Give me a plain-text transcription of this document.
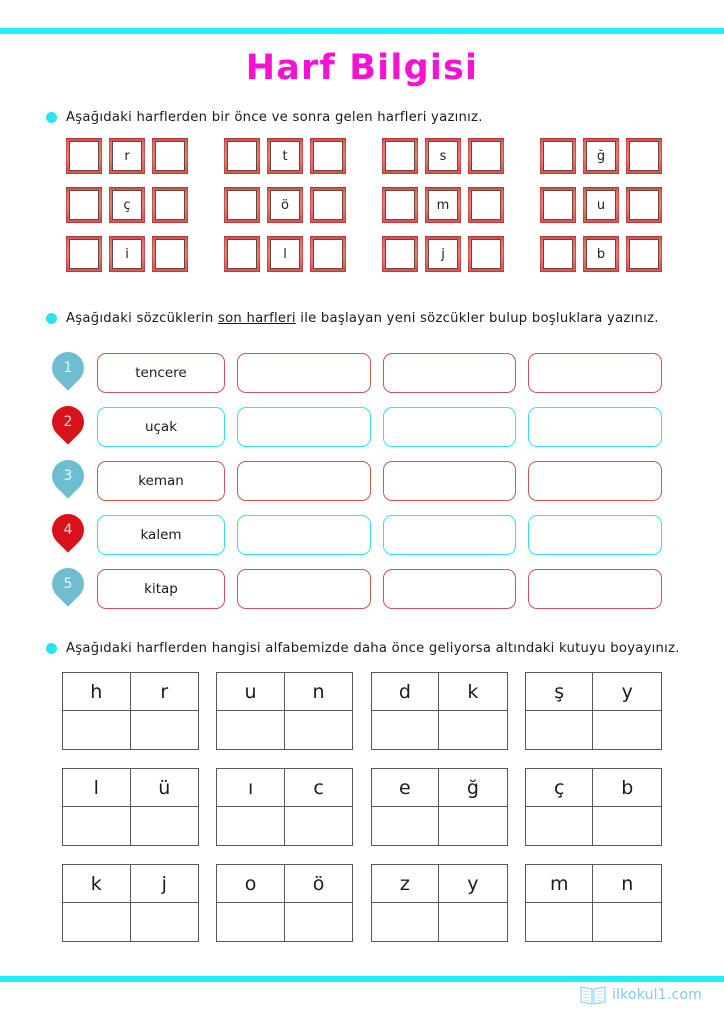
Harf Bilgisi
Aşağıdaki harflerden bir önce ve sonra gelen harfleri yazınız.
r	t	s	ğ
ç	ö	m	u
i	l	j	b
Aşağıdaki sözcüklerin son harfleri ile başlayan yeni sözcükler bulup boşluklara yazınız.
1	tencere
2	uçak
3	keman
4	kalem
5	kitap
Aşağıdaki harflerden hangisi alfabemizde daha önce geliyorsa altındaki kutuyu boyayınız.
h	r	u	n	d	k	ş	y
l	ü	ı	c	e	ğ	ç	b
k	j	o	ö	z	y	m	n
ilkokul1.com
